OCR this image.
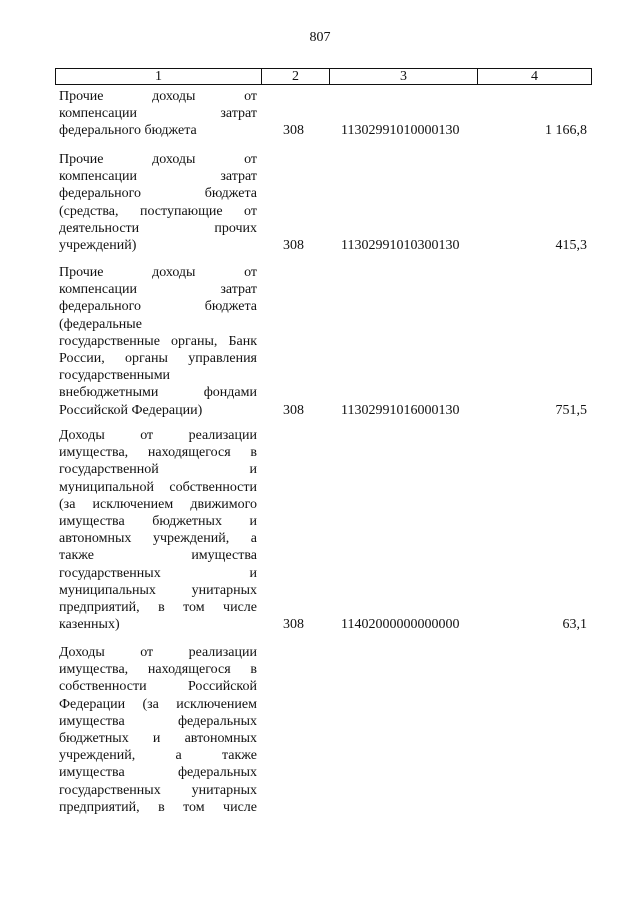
807
1	2	3	4
Прочие доходы от
компенсации затрат
федерального бюджета	308	11302991010000130	1 166,8
Прочие доходы от
компенсации затрат
федерального бюджета
(средства, поступающие от
деятельности прочих
учреждений)	308	11302991010300130	415,3
Прочие доходы от
компенсации затрат
федерального бюджета
(федеральные
государственные органы, Банк
России, органы управления
государственными
внебюджетными фондами
Российской Федерации)	308	11302991016000130	751,5
Доходы от реализации
имущества, находящегося в
государственной и
муниципальной собственности
(за исключением движимого
имущества бюджетных и
автономных учреждений, а
также имущества
государственных и
муниципальных унитарных
предприятий, в том числе
казенных)	308	11402000000000000	63,1
Доходы от реализации
имущества, находящегося в
собственности Российской
Федерации (за исключением
имущества федеральных
бюджетных и автономных
учреждений, а также
имущества федеральных
государственных унитарных
предприятий, в том числе
